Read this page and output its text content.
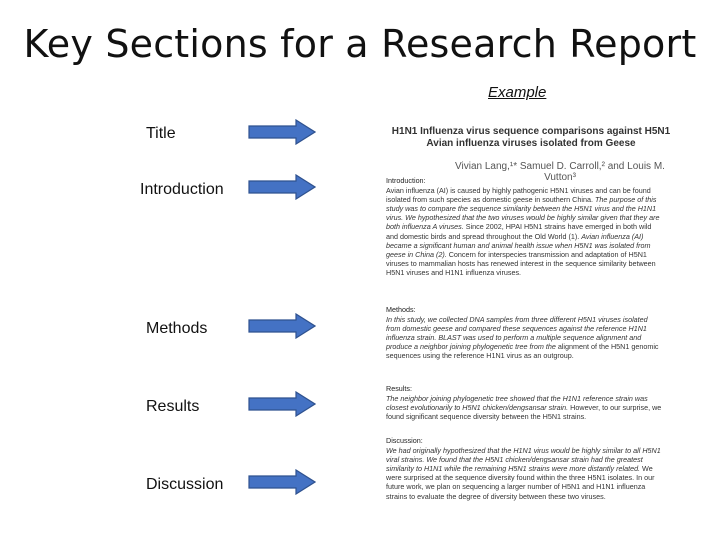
Key Sections for a Research Report
Example
Title
Introduction
Methods
Results
Discussion
H1N1 Influenza virus sequence comparisons against H5N1 Avian influenza viruses isolated from Geese
Vivian Lang,¹* Samuel D. Carroll,² and Louis M. Vutton³
Introduction:
Avian influenza (AI) is caused by highly pathogenic H5N1 viruses and can be found isolated from such species as domestic geese in southern China. The purpose of this study was to compare the sequence similarity between the H5N1 virus and the H1N1 virus. We hypothesized that the two viruses would be highly similar given that they are both influenza A viruses. Since 2002, HPAI H5N1 strains have emerged in both wild and domestic birds and spread throughout the Old World (1). Avian influenza (AI) became a significant human and animal health issue when H5N1 was isolated from geese in China (2). Concern for interspecies transmission and adaptation of H5N1 viruses to mammalian hosts has renewed interest in the sequence similarity between H5N1 viruses and H1N1 influenza viruses.
Methods:
In this study, we collected DNA samples from three different H5N1 viruses isolated from domestic geese and compared these sequences against the reference H1N1 influenza strain. BLAST was used to perform a multiple sequence alignment and produce a neighbor joining phylogenetic tree from the alignment of the H5N1 genomic sequences using the reference H1N1 virus as an outgroup.
Results:
The neighbor joining phylogenetic tree showed that the H1N1 reference strain was closest evolutionarily to H5N1 chicken/dengsansar strain. However, to our surprise, we found significant sequence diversity between the H5N1 strains.
Discussion:
We had originally hypothesized that the H1N1 virus would be highly similar to all H5N1 viral strains. We found that the H5N1 chicken/dengsansar strain had the greatest similarity to H1N1 while the remaining H5N1 strains were more distantly related. We were surprised at the sequence diversity found within the three H5N1 isolates. In our future work, we plan on sequencing a larger number of H5N1 and H1N1 influenza strains to evaluate the degree of diversity between these two viruses.
